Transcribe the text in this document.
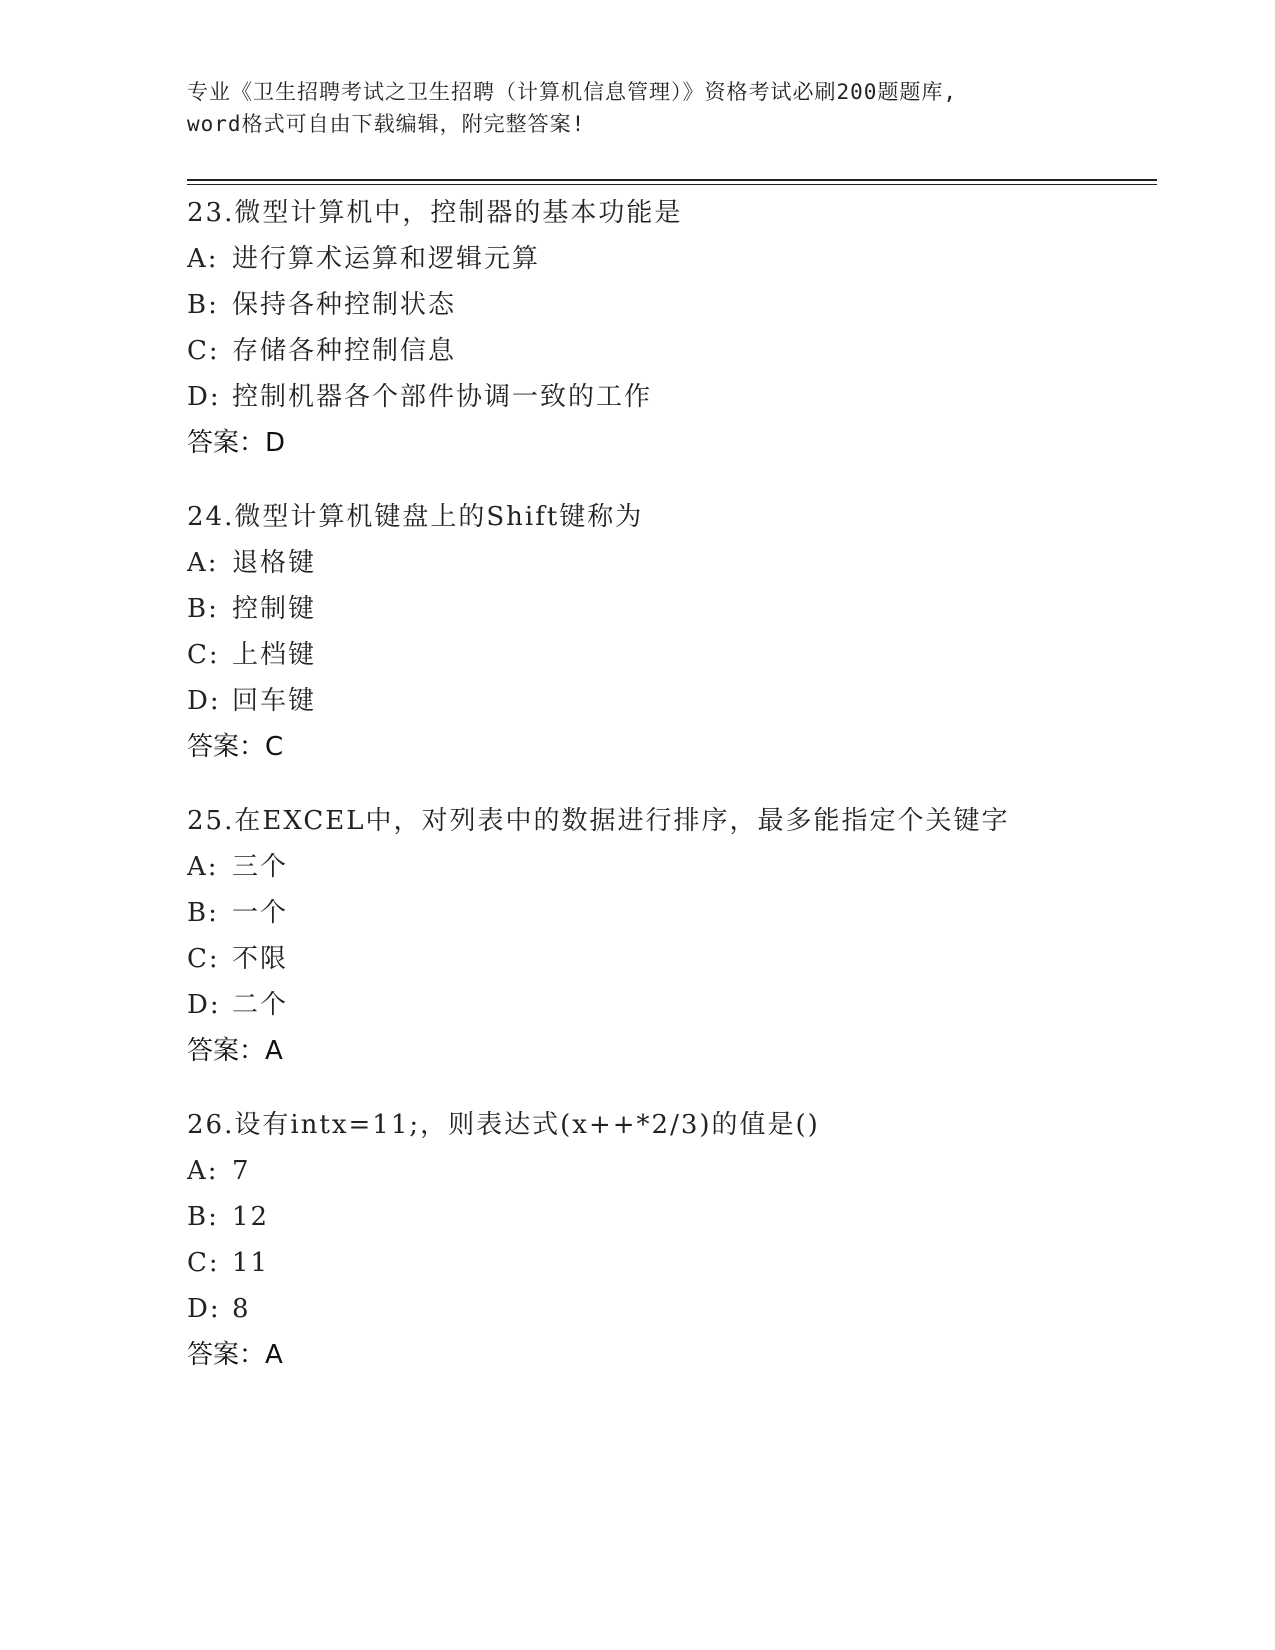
专业《卫生招聘考试之卫生招聘（计算机信息管理）》资格考试必刷200题题库,
word格式可自由下载编辑，附完整答案!
23.微型计算机中，控制器的基本功能是
A: 进行算术运算和逻辑元算
B: 保持各种控制状态
C: 存储各种控制信息
D: 控制机器各个部件协调一致的工作
答案：D
24.微型计算机键盘上的Shift键称为
A: 退格键
B: 控制键
C: 上档键
D: 回车键
答案：C
25.在EXCEL中，对列表中的数据进行排序，最多能指定个关键字
A: 三个
B: 一个
C: 不限
D: 二个
答案：A
26.设有intx=11;，则表达式(x++*2/3)的值是()
A: 7
B: 12
C: 11
D: 8
答案：A
